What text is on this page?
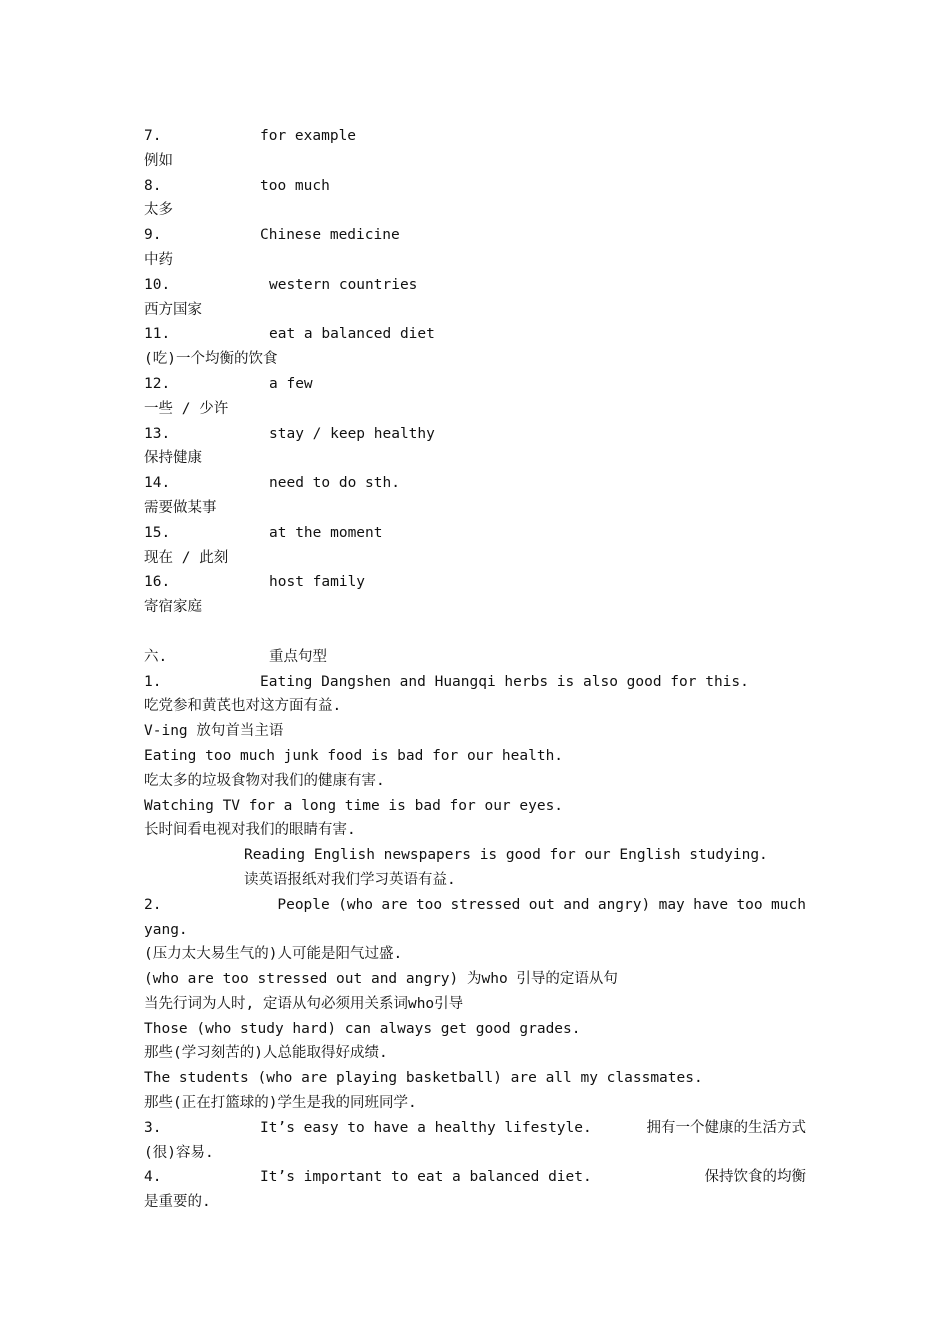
7.	for example
例如
8.	too much
太多
9.	Chinese medicine
中药
10.	western countries
西方国家
11.	eat a balanced diet
(吃)一个均衡的饮食
12.	a few
一些 / 少许
13.	stay / keep healthy
保持健康
14.	need to do sth.
需要做某事
15.	at the moment
现在 / 此刻
16.	host family
寄宿家庭
六.	重点句型
1.	Eating Dangshen and Huangqi herbs is also good for this.
吃党参和黄芪也对这方面有益.
V-ing 放句首当主语
Eating too much junk food is bad for our health.
吃太多的垃圾食物对我们的健康有害.
Watching TV for a long time is bad for our eyes.
长时间看电视对我们的眼睛有害.
Reading English newspapers is good for our English studying.
读英语报纸对我们学习英语有益.
2.	People (who are too stressed out and angry) may have too much
yang.
(压力太大易生气的)人可能是阳气过盛.
(who are too stressed out and angry) 为who 引导的定语从句
当先行词为人时, 定语从句必须用关系词who引导
Those (who study hard) can always get good grades.
那些(学习刻苦的)人总能取得好成绩.
The students (who are playing basketball) are all my classmates.
那些(正在打篮球的)学生是我的同班同学.
3.	It’s easy to have a healthy lifestyle.	拥有一个健康的生活方式
(很)容易.
4.	It’s important to eat a balanced diet.	保持饮食的均衡
是重要的.
